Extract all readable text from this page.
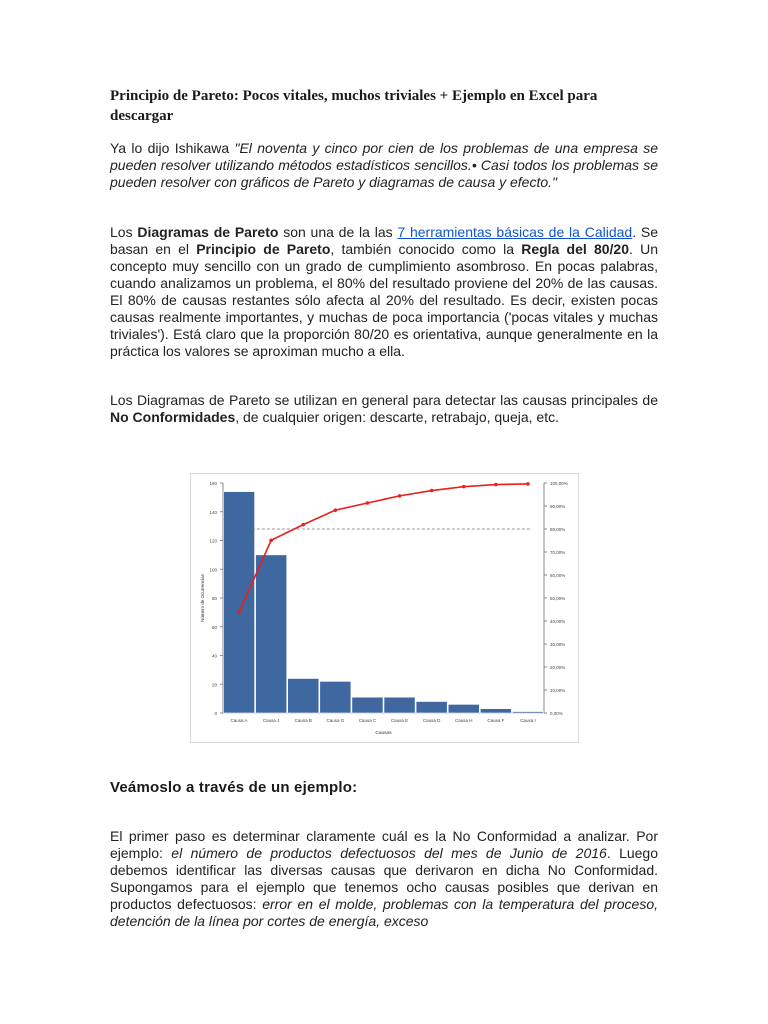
Principio de Pareto: Pocos vitales, muchos triviales + Ejemplo en Excel para descargar
Ya lo dijo Ishikawa "El noventa y cinco por cien de los problemas de una empresa se pueden resolver utilizando métodos estadísticos sencillos.• Casi todos los problemas se pueden resolver con gráficos de Pareto y diagramas de causa y efecto."
Los Diagramas de Pareto son una de la las 7 herramientas básicas de la Calidad. Se basan en el Principio de Pareto, también conocido como la Regla del 80/20. Un concepto muy sencillo con un grado de cumplimiento asombroso. En pocas palabras, cuando analizamos un problema, el 80% del resultado proviene del 20% de las causas. El 80% de causas restantes sólo afecta al 20% del resultado. Es decir, existen pocas causas realmente importantes, y muchas de poca importancia ('pocas vitales y muchas triviales'). Está claro que la proporción 80/20 es orientativa, aunque generalmente en la práctica los valores se aproximan mucho a ella.
Los Diagramas de Pareto se utilizan en general para detectar las causas principales de No Conformidades, de cualquier origen: descarte, retrabajo, queja, etc.
Veámoslo a través de un ejemplo:
El primer paso es determinar claramente cuál es la No Conformidad a analizar. Por ejemplo: el número de productos defectuosos del mes de Junio de 2016. Luego debemos identificar las diversas causas que derivaron en dicha No Conformidad. Supongamos para el ejemplo que tenemos ocho causas posibles que derivan en productos defectuosos: error en el molde, problemas con la temperatura del proceso, detención de la línea por cortes de energía, exceso
0
20
40
60
80
100
120
140
160
0,00%
10,00%
20,00%
30,00%
40,00%
50,00%
60,00%
70,00%
80,00%
90,00%
100,00%
Causa A	Causa J	Causa B	Causa G	Causa C	Causa E	Causa D	Causa H	Causa F	Causa I
Causas
Número de Ocurrencias
